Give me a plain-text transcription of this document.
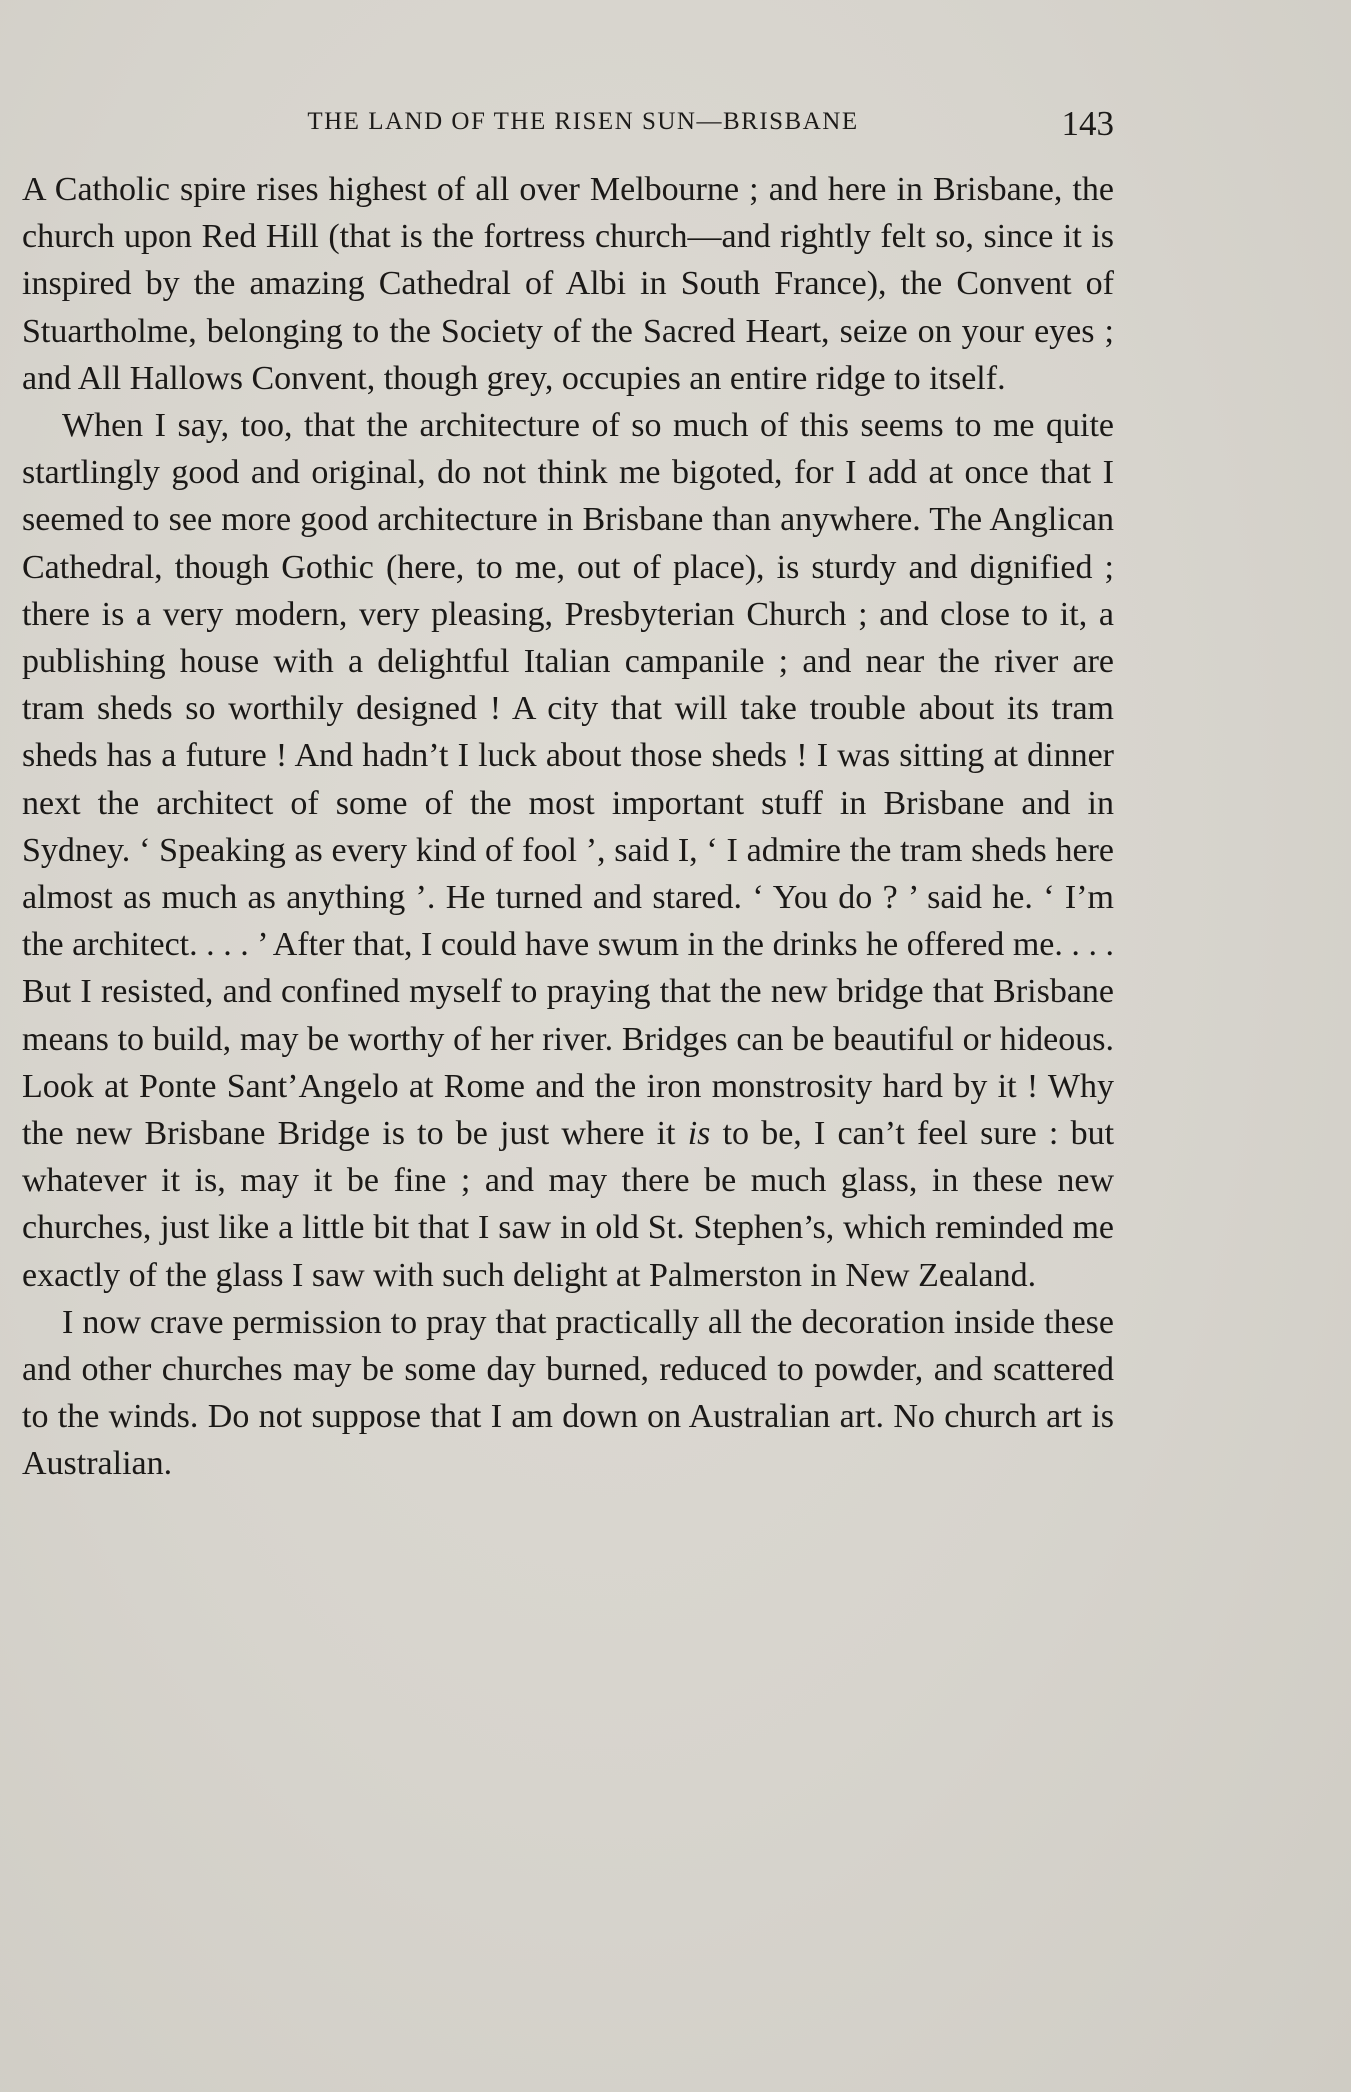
THE LAND OF THE RISEN SUN—BRISBANE	143

A Catholic spire rises highest of all over Melbourne ; and here in Brisbane, the church upon Red Hill (that is the fortress church—and rightly felt so, since it is inspired by the amazing Cathedral of Albi in South France), the Convent of Stuartholme, belonging to the Society of the Sacred Heart, seize on your eyes ; and All Hallows Convent, though grey, occupies an entire ridge to itself.

When I say, too, that the architecture of so much of this seems to me quite startlingly good and original, do not think me bigoted, for I add at once that I seemed to see more good architecture in Brisbane than anywhere. The Anglican Cathedral, though Gothic (here, to me, out of place), is sturdy and dignified ; there is a very modern, very pleasing, Presbyterian Church ; and close to it, a publishing house with a delightful Italian campanile ; and near the river are tram sheds so worthily designed ! A city that will take trouble about its tram sheds has a future ! And hadn’t I luck about those sheds ! I was sitting at dinner next the architect of some of the most important stuff in Brisbane and in Sydney. ‘ Speaking as every kind of fool ’, said I, ‘ I admire the tram sheds here almost as much as anything ’. He turned and stared. ‘ You do ? ’ said he. ‘ I’m the architect. . . . ’ After that, I could have swum in the drinks he offered me. . . . But I resisted, and confined myself to praying that the new bridge that Brisbane means to build, may be worthy of her river. Bridges can be beautiful or hideous. Look at Ponte Sant’Angelo at Rome and the iron monstrosity hard by it ! Why the new Brisbane Bridge is to be just where it is to be, I can’t feel sure : but whatever it is, may it be fine ; and may there be much glass, in these new churches, just like a little bit that I saw in old St. Stephen’s, which reminded me exactly of the glass I saw with such delight at Palmerston in New Zealand.

I now crave permission to pray that practically all the decoration inside these and other churches may be some day burned, reduced to powder, and scattered to the winds. Do not suppose that I am down on Australian art. No church art is Australian.
